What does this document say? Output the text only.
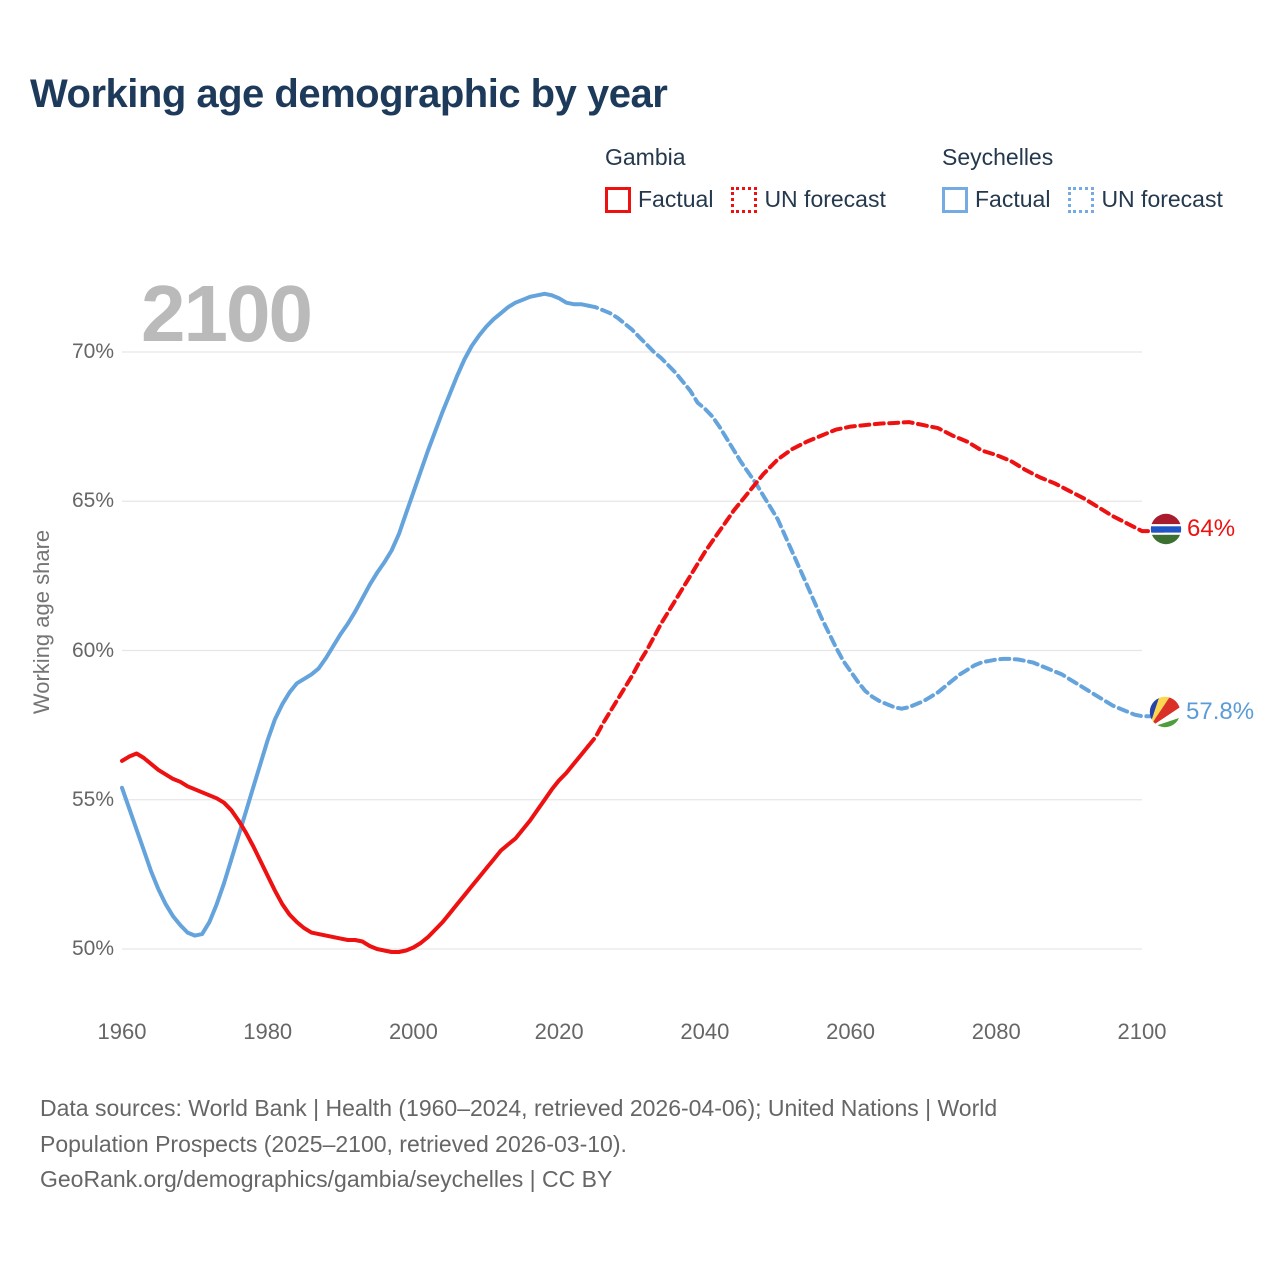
Working age demographic by year
Gambia
Factual UN forecast
Seychelles
Factual UN forecast
2100
Working age share
50%
55%
60%
65%
70%
1960	1980	2000	2020	2040	2060	2080	2100
64%
57.8%
Data sources: World Bank | Health (1960–2024, retrieved 2026-04-06); United Nations | World
Population Prospects (2025–2100, retrieved 2026-03-10).
GeoRank.org/demographics/gambia/seychelles | CC BY
